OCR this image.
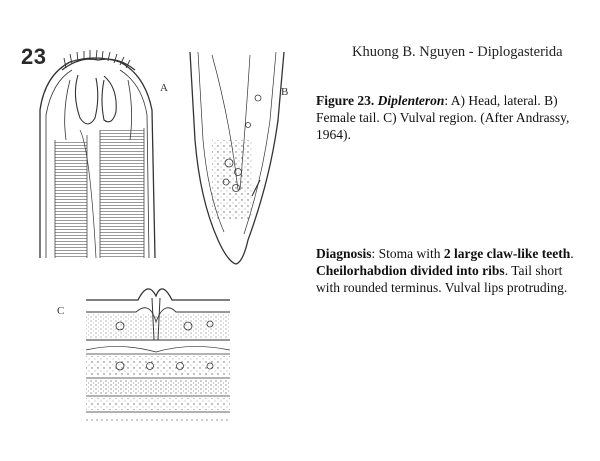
23	Khuong B. Nguyen - Diplogasterida
Figure 23. Diplenteron: A) Head, lateral. B) Female tail. C) Vulval region. (After Andrassy, 1964).
Diagnosis: Stoma with 2 large claw-like teeth. Cheilorhabdion divided into ribs. Tail short with rounded terminus. Vulval lips protruding.
A	B
C
